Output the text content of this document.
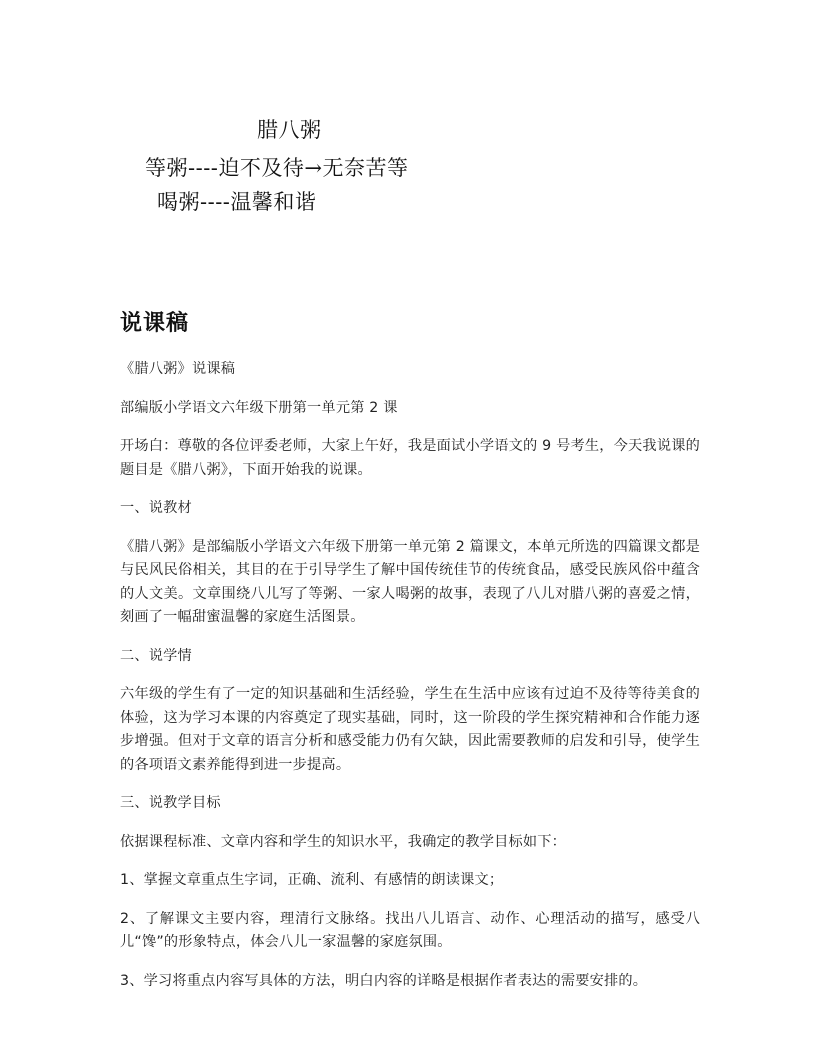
腊八粥
等粥----迫不及待→无奈苦等
喝粥----温馨和谐
说课稿

《腊八粥》说课稿

部编版小学语文六年级下册第一单元第 2 课

开场白：尊敬的各位评委老师，大家上午好，我是面试小学语文的 9 号考生，今天我说课的题目是《腊八粥》，下面开始我的说课。

一、说教材

《腊八粥》是部编版小学语文六年级下册第一单元第 2 篇课文，本单元所选的四篇课文都是与民风民俗相关，其目的在于引导学生了解中国传统佳节的传统食品，感受民族风俗中蕴含的人文美。文章围绕八儿写了等粥、一家人喝粥的故事，表现了八儿对腊八粥的喜爱之情，刻画了一幅甜蜜温馨的家庭生活图景。

二、说学情

六年级的学生有了一定的知识基础和生活经验，学生在生活中应该有过迫不及待等待美食的体验，这为学习本课的内容奠定了现实基础，同时，这一阶段的学生探究精神和合作能力逐步增强。但对于文章的语言分析和感受能力仍有欠缺，因此需要教师的启发和引导，使学生的各项语文素养能得到进一步提高。

三、说教学目标

依据课程标准、文章内容和学生的知识水平，我确定的教学目标如下：

1、掌握文章重点生字词，正确、流利、有感情的朗读课文；

2、了解课文主要内容，理清行文脉络。找出八儿语言、动作、心理活动的描写，感受八儿“馋”的形象特点，体会八儿一家温馨的家庭氛围。

3、学习将重点内容写具体的方法，明白内容的详略是根据作者表达的需要安排的。
